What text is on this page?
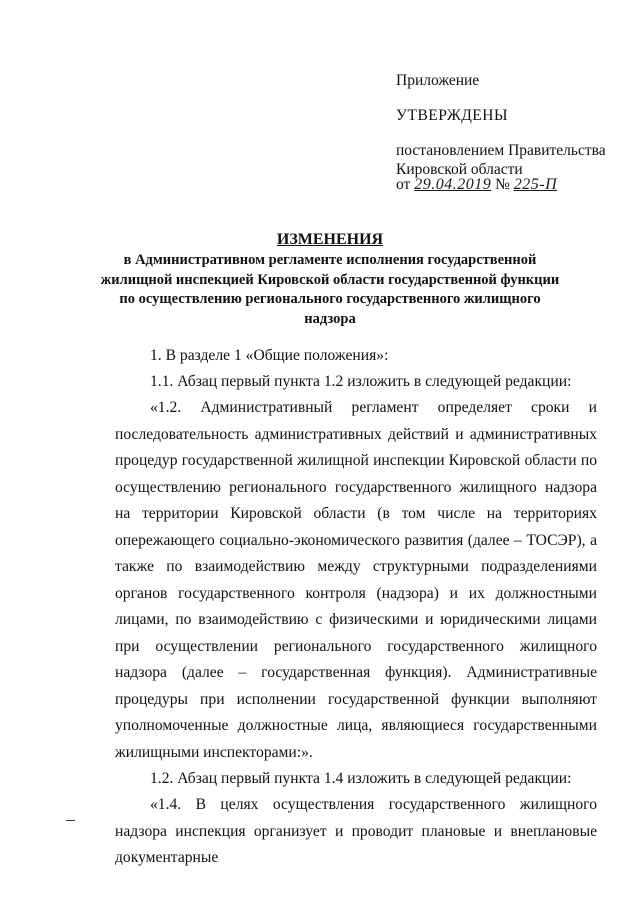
Приложение
УТВЕРЖДЕНЫ
постановлением Правительства
Кировской области
от 29.04.2019 № 225-П
ИЗМЕНЕНИЯ
в Административном регламенте исполнения государственной жилищной инспекцией Кировской области государственной функции по осуществлению регионального государственного жилищного надзора
1. В разделе 1 «Общие положения»:
1.1. Абзац первый пункта 1.2 изложить в следующей редакции:
«1.2. Административный регламент определяет сроки и последовательность административных действий и административных процедур государственной жилищной инспекции Кировской области по осуществлению регионального государственного жилищного надзора на территории Кировской области (в том числе на территориях опережающего социально-экономического развития (далее – ТОСЭР), а также по взаимодействию между структурными подразделениями органов государственного контроля (надзора) и их должностными лицами, по взаимодействию с физическими и юридическими лицами при осуществлении регионального государственного жилищного надзора (далее – государственная функция). Административные процедуры при исполнении государственной функции выполняют уполномоченные должностные лица, являющиеся государственными жилищными инспекторами:».
1.2. Абзац первый пункта 1.4 изложить в следующей редакции:
«1.4. В целях осуществления государственного жилищного надзора инспекция организует и проводит плановые и внеплановые документарные
